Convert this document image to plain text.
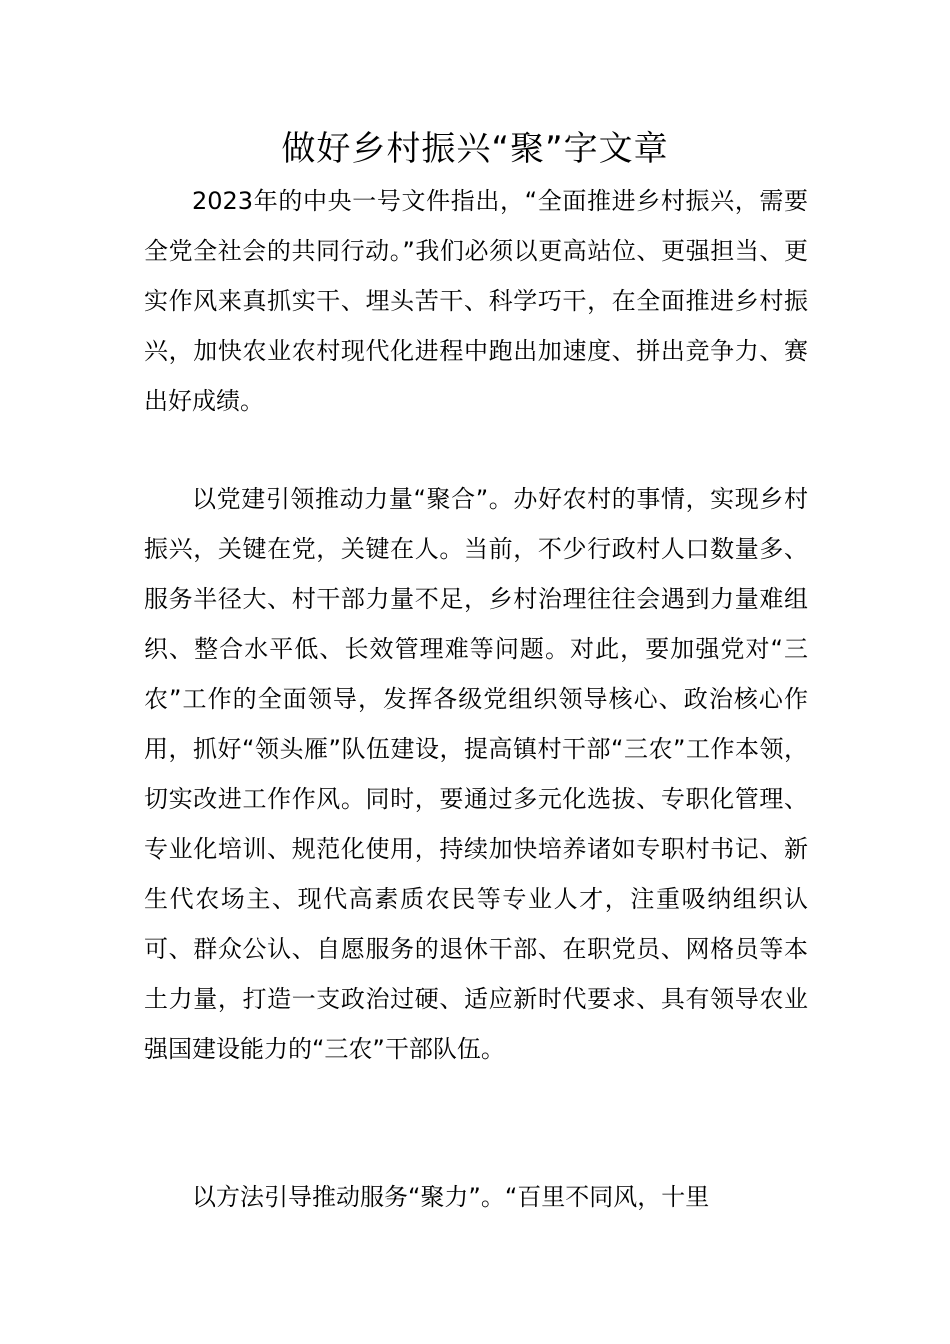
做好乡村振兴“聚”字文章

2023年的中央一号文件指出，“全面推进乡村振兴，需要全党全社会的共同行动。”我们必须以更高站位、更强担当、更实作风来真抓实干、埋头苦干、科学巧干，在全面推进乡村振兴，加快农业农村现代化进程中跑出加速度、拼出竞争力、赛出好成绩。

以党建引领推动力量“聚合”。办好农村的事情，实现乡村振兴，关键在党，关键在人。当前，不少行政村人口数量多、服务半径大、村干部力量不足，乡村治理往往会遇到力量难组织、整合水平低、长效管理难等问题。对此，要加强党对“三农”工作的全面领导，发挥各级党组织领导核心、政治核心作用，抓好“领头雁”队伍建设，提高镇村干部“三农”工作本领，切实改进工作作风。同时，要通过多元化选拔、专职化管理、专业化培训、规范化使用，持续加快培养诸如专职村书记、新生代农场主、现代高素质农民等专业人才，注重吸纳组织认可、群众公认、自愿服务的退休干部、在职党员、网格员等本土力量，打造一支政治过硬、适应新时代要求、具有领导农业强国建设能力的“三农”干部队伍。

以方法引导推动服务“聚力”。“百里不同风，十里
